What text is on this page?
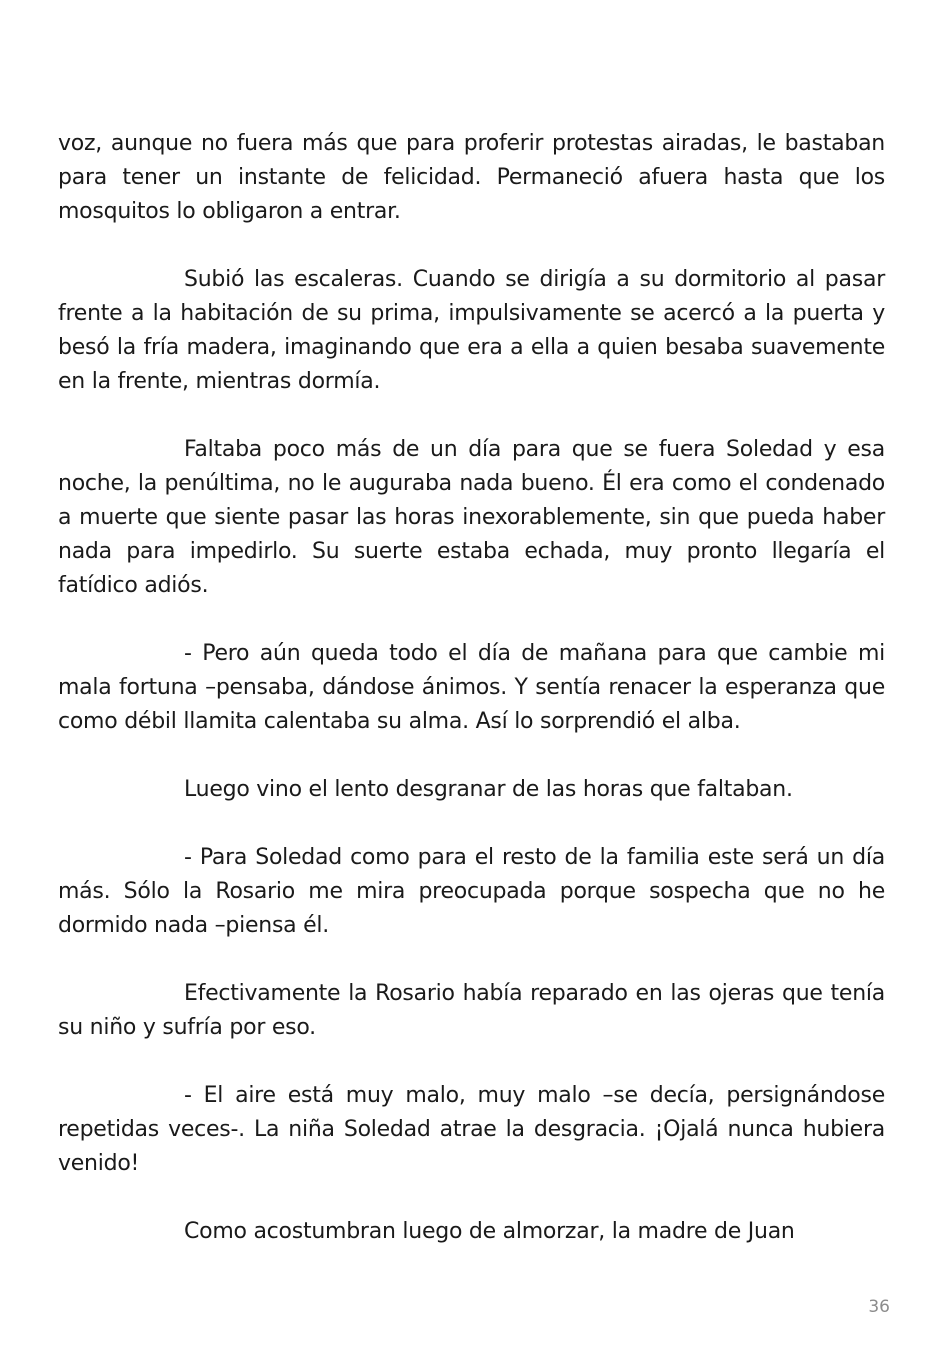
voz, aunque no fuera más que para proferir protestas airadas, le bastaban para tener un instante de felicidad. Permaneció afuera hasta que los mosquitos lo obligaron a entrar.

Subió las escaleras. Cuando se dirigía a su dormitorio al pasar frente a la habitación de su prima, impulsivamente se acercó a la puerta y besó la fría madera, imaginando que era a ella a quien besaba suavemente en la frente, mientras dormía.

Faltaba poco más de un día para que se fuera Soledad y esa noche, la penúltima, no le auguraba nada bueno. Él era como el condenado a muerte que siente pasar las horas inexorablemente, sin que pueda haber nada para impedirlo. Su suerte estaba echada, muy pronto llegaría el fatídico adiós.

- Pero aún queda todo el día de mañana para que cambie mi mala fortuna –pensaba, dándose ánimos. Y sentía renacer la esperanza que como débil llamita calentaba su alma. Así lo sorprendió el alba.

Luego vino el lento desgranar de las horas que faltaban.

- Para Soledad como para el resto de la familia este será un día más. Sólo la Rosario me mira preocupada porque sospecha que no he dormido nada –piensa él.

Efectivamente la Rosario había reparado en las ojeras que tenía su niño y sufría por eso.

- El aire está muy malo, muy malo –se decía, persignándose repetidas veces-. La niña Soledad atrae la desgracia. ¡Ojalá nunca hubiera venido!

Como acostumbran luego de almorzar, la madre de Juan

36
